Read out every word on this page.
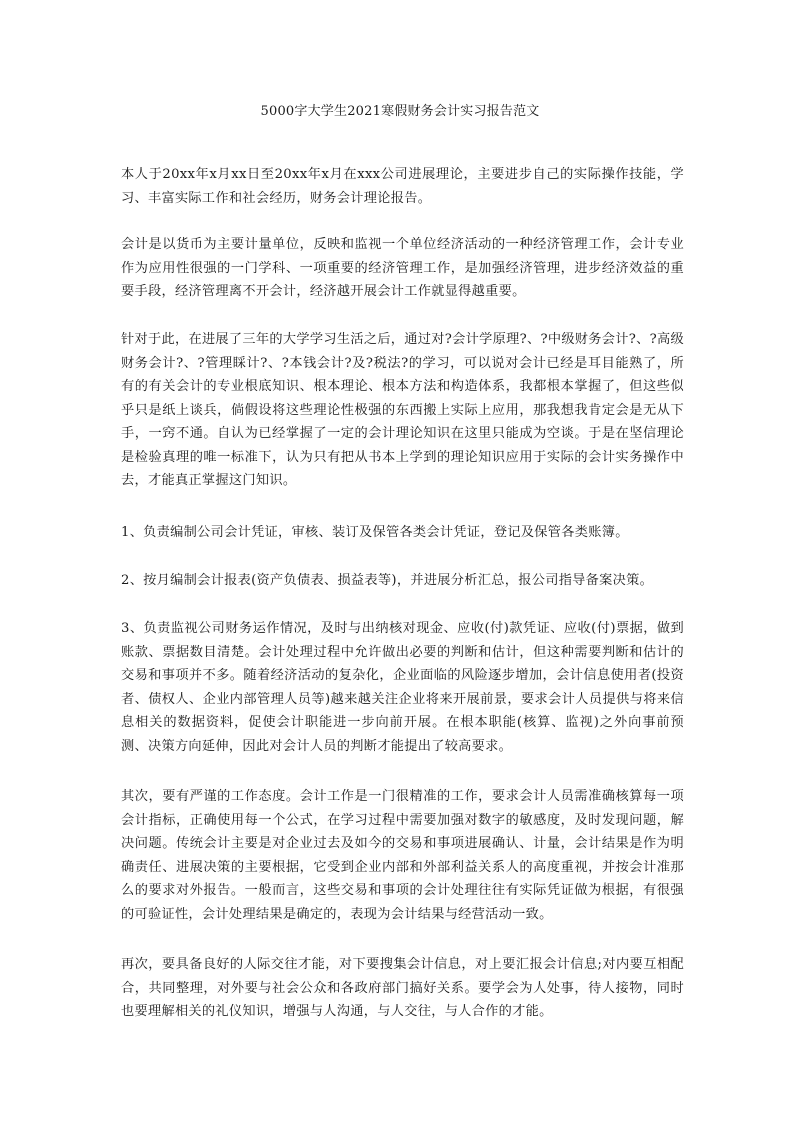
5000字大学生2021寒假财务会计实习报告范文

本人于20xx年x月xx日至20xx年x月在xxx公司进展理论，主要进步自己的实际操作技能，学习、丰富实际工作和社会经历，财务会计理论报告。

会计是以货币为主要计量单位，反映和监视一个单位经济活动的一种经济管理工作，会计专业作为应用性很强的一门学科、一项重要的经济管理工作，是加强经济管理，进步经济效益的重要手段，经济管理离不开会计，经济越开展会计工作就显得越重要。

针对于此，在进展了三年的大学学习生活之后，通过对?会计学原理?、?中级财务会计?、?高级财务会计?、?管理睬计?、?本钱会计?及?税法?的学习，可以说对会计已经是耳目能熟了，所有的有关会计的专业根底知识、根本理论、根本方法和构造体系，我都根本掌握了，但这些似乎只是纸上谈兵，倘假设将这些理论性极强的东西搬上实际上应用，那我想我肯定会是无从下手，一窍不通。自认为已经掌握了一定的会计理论知识在这里只能成为空谈。于是在坚信理论是检验真理的唯一标准下，认为只有把从书本上学到的理论知识应用于实际的会计实务操作中去，才能真正掌握这门知识。

1、负责编制公司会计凭证，审核、装订及保管各类会计凭证，登记及保管各类账簿。

2、按月编制会计报表(资产负债表、损益表等)，并进展分析汇总，报公司指导备案决策。

3、负责监视公司财务运作情况，及时与出纳核对现金、应收(付)款凭证、应收(付)票据，做到账款、票据数目清楚。会计处理过程中允许做出必要的判断和估计，但这种需要判断和估计的交易和事项并不多。随着经济活动的复杂化，企业面临的风险逐步增加，会计信息使用者(投资者、债权人、企业内部管理人员等)越来越关注企业将来开展前景，要求会计人员提供与将来信息相关的数据资料，促使会计职能进一步向前开展。在根本职能(核算、监视)之外向事前预测、决策方向延伸，因此对会计人员的判断才能提出了较高要求。

其次，要有严谨的工作态度。会计工作是一门很精准的工作，要求会计人员需准确核算每一项会计指标，正确使用每一个公式，在学习过程中需要加强对数字的敏感度，及时发现问题，解决问题。传统会计主要是对企业过去及如今的交易和事项进展确认、计量，会计结果是作为明确责任、进展决策的主要根据，它受到企业内部和外部利益关系人的高度重视，并按会计准那么的要求对外报告。一般而言，这些交易和事项的会计处理往往有实际凭证做为根据，有很强的可验证性，会计处理结果是确定的，表现为会计结果与经营活动一致。

再次，要具备良好的人际交往才能，对下要搜集会计信息，对上要汇报会计信息;对内要互相配合，共同整理，对外要与社会公众和各政府部门搞好关系。要学会为人处事，待人接物，同时也要理解相关的礼仪知识，增强与人沟通，与人交往，与人合作的才能。
